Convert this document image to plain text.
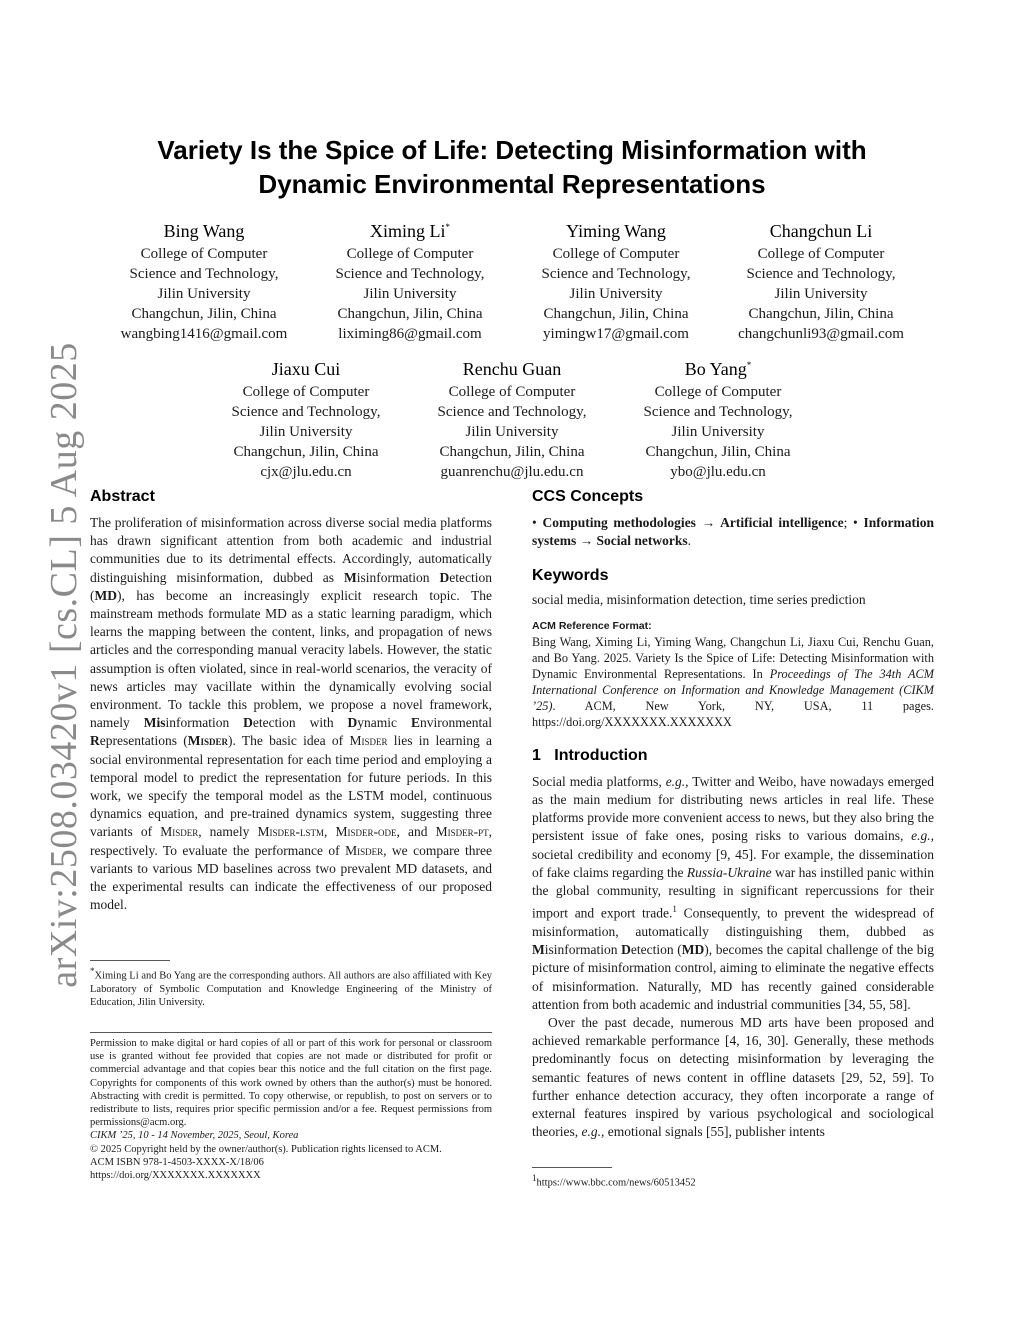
arXiv:2508.03420v1 [cs.CL] 5 Aug 2025
Variety Is the Spice of Life: Detecting Misinformation with
Dynamic Environmental Representations
Bing Wang
College of Computer
Science and Technology,
Jilin University
Changchun, Jilin, China
wangbing1416@gmail.com
Ximing Li*
College of Computer
Science and Technology,
Jilin University
Changchun, Jilin, China
liximing86@gmail.com
Yiming Wang
College of Computer
Science and Technology,
Jilin University
Changchun, Jilin, China
yimingw17@gmail.com
Changchun Li
College of Computer
Science and Technology,
Jilin University
Changchun, Jilin, China
changchunli93@gmail.com
Jiaxu Cui
College of Computer
Science and Technology,
Jilin University
Changchun, Jilin, China
cjx@jlu.edu.cn
Renchu Guan
College of Computer
Science and Technology,
Jilin University
Changchun, Jilin, China
guanrenchu@jlu.edu.cn
Bo Yang*
College of Computer
Science and Technology,
Jilin University
Changchun, Jilin, China
ybo@jlu.edu.cn
Abstract

The proliferation of misinformation across diverse social media platforms has drawn significant attention from both academic and industrial communities due to its detrimental effects. Accordingly, automatically distinguishing misinformation, dubbed as Misinformation Detection (MD), has become an increasingly explicit research topic. The mainstream methods formulate MD as a static learning paradigm, which learns the mapping between the content, links, and propagation of news articles and the corresponding manual veracity labels. However, the static assumption is often violated, since in real-world scenarios, the veracity of news articles may vacillate within the dynamically evolving social environment. To tackle this problem, we propose a novel framework, namely Misinformation Detection with Dynamic Environmental Representations (Misder). The basic idea of Misder lies in learning a social environmental representation for each time period and employing a temporal model to predict the representation for future periods. In this work, we specify the temporal model as the LSTM model, continuous dynamics equation, and pre-trained dynamics system, suggesting three variants of Misder, namely Misder-lstm, Misder-ode, and Misder-pt, respectively. To evaluate the performance of Misder, we compare three variants to various MD baselines across two prevalent MD datasets, and the experimental results can indicate the effectiveness of our proposed model.

*Ximing Li and Bo Yang are the corresponding authors. All authors are also affiliated with Key Laboratory of Symbolic Computation and Knowledge Engineering of the Ministry of Education, Jilin University.

Permission to make digital or hard copies of all or part of this work for personal or classroom use is granted without fee provided that copies are not made or distributed for profit or commercial advantage and that copies bear this notice and the full citation on the first page. Copyrights for components of this work owned by others than the author(s) must be honored. Abstracting with credit is permitted. To copy otherwise, or republish, to post on servers or to redistribute to lists, requires prior specific permission and/or a fee. Request permissions from permissions@acm.org.

CIKM ’25, 10 - 14 November, 2025, Seoul, Korea

© 2025 Copyright held by the owner/author(s). Publication rights licensed to ACM.

ACM ISBN 978-1-4503-XXXX-X/18/06

https://doi.org/XXXXXXX.XXXXXXX

CCS Concepts

• Computing methodologies → Artificial intelligence; • Information systems → Social networks.

Keywords

social media, misinformation detection, time series prediction

ACM Reference Format:

Bing Wang, Ximing Li, Yiming Wang, Changchun Li, Jiaxu Cui, Renchu Guan, and Bo Yang. 2025. Variety Is the Spice of Life: Detecting Misinformation with Dynamic Environmental Representations. In Proceedings of The 34th ACM International Conference on Information and Knowledge Management (CIKM ’25). ACM, New York, NY, USA, 11 pages. https://doi.org/XXXXXXX.XXXXXXX

1 Introduction

Social media platforms, e.g., Twitter and Weibo, have nowadays emerged as the main medium for distributing news articles in real life. These platforms provide more convenient access to news, but they also bring the persistent issue of fake ones, posing risks to various domains, e.g., societal credibility and economy [9, 45]. For example, the dissemination of fake claims regarding the Russia-Ukraine war has instilled panic within the global community, resulting in significant repercussions for their import and export trade.$^1$ Consequently, to prevent the widespread of misinformation, automatically distinguishing them, dubbed as Misinformation Detection (MD), becomes the capital challenge of the big picture of misinformation control, aiming to eliminate the negative effects of misinformation. Naturally, MD has recently gained considerable attention from both academic and industrial communities [34, 55, 58].

Over the past decade, numerous MD arts have been proposed and achieved remarkable performance [4, 16, 30]. Generally, these methods predominantly focus on detecting misinformation by leveraging the semantic features of news content in offline datasets [29, 52, 59]. To further enhance detection accuracy, they often incorporate a range of external features inspired by various psychological and sociological theories, e.g., emotional signals [55], publisher intents

$^1$https://www.bbc.com/news/60513452
